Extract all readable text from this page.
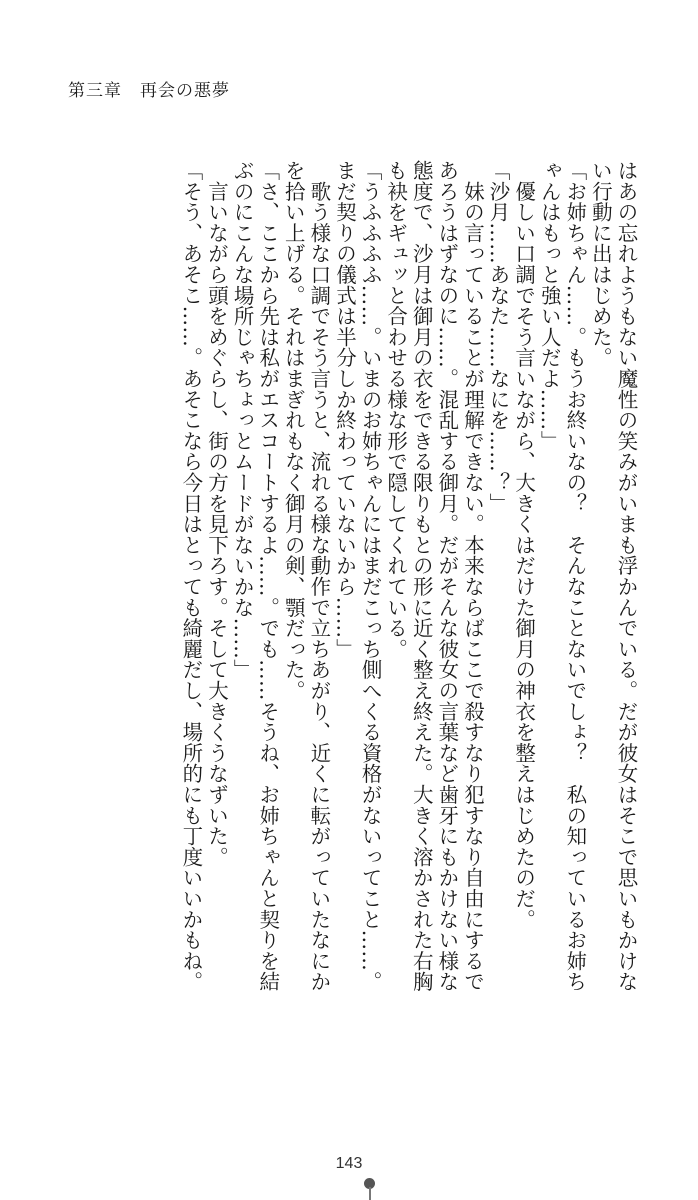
第三章　再会の悪夢

はあの忘れようもない魔性の笑みがいまも浮かんでいる。だが彼女はそこで思いもかけな

い行動に出はじめた。

「お姉ちゃん……。もうお終いなの？　そんなことないでしょ？　私の知っているお姉ち

ゃんはもっと強い人だよ……」

　優しい口調でそう言いながら、大きくはだけた御月の神衣を整えはじめたのだ。

「沙月……あなた……なにを……？」

　妹の言っていることが理解できない。本来ならばここで殺すなり犯すなり自由にするで

あろうはずなのに……。混乱する御月。だがそんな彼女の言葉など歯牙にもかけない様な

態度で、沙月は御月の衣をできる限りもとの形に近く整え終えた。大きく溶かされた右胸

も袂をギュッと合わせる様な形で隠してくれている。

「うふふふふ……。いまのお姉ちゃんにはまだこっち側へくる資格がないってこと……。

まだ契りの儀式は半分しか終わっていないから……」

　歌う様な口調でそう言うと、流れる様な動作で立ちあがり、近くに転がっていたなにか

を拾い上げる。それはまぎれもなく御月の剣、顎だった。

「さ、ここから先は私がエスコートするよ……。でも……そうね、お姉ちゃんと契りを結

ぶのにこんな場所じゃちょっとムードがないかな……」

　言いながら頭をめぐらし、街の方を見下ろす。そして大きくうなずいた。

「そう、あそこ……。あそこなら今日はとっても綺麗だし、場所的にも丁度いいかもね。

143
